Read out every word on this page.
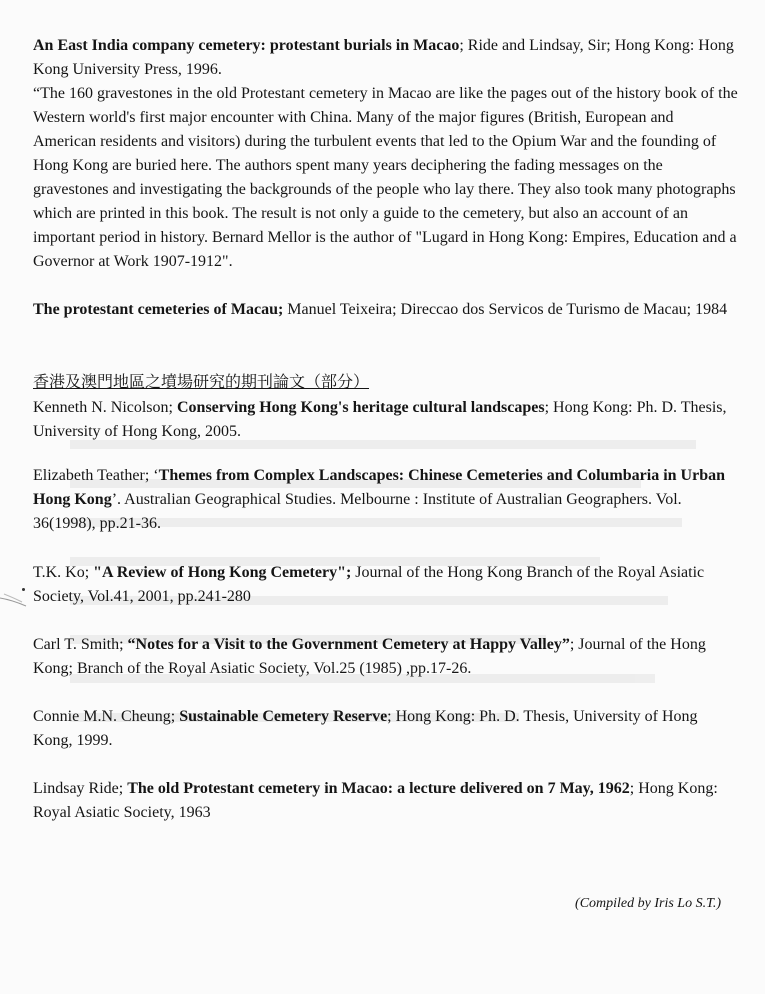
An East India company cemetery: protestant burials in Macao; Ride and Lindsay, Sir; Hong Kong: Hong Kong University Press, 1996.
“The 160 gravestones in the old Protestant cemetery in Macao are like the pages out of the history book of the Western world's first major encounter with China. Many of the major figures (British, European and American residents and visitors) during the turbulent events that led to the Opium War and the founding of Hong Kong are buried here. The authors spent many years deciphering the fading messages on the gravestones and investigating the backgrounds of the people who lay there. They also took many photographs which are printed in this book. The result is not only a guide to the cemetery, but also an account of an important period in history. Bernard Mellor is the author of "Lugard in Hong Kong: Empires, Education and a Governor at Work 1907-1912".
The protestant cemeteries of Macau; Manuel Teixeira; Direccao dos Servicos de Turismo de Macau; 1984
香港及澳門地區之墳場研究的期刊論文（部分）
Kenneth N. Nicolson; Conserving Hong Kong's heritage cultural landscapes; Hong Kong: Ph. D. Thesis, University of Hong Kong, 2005.
Elizabeth Teather; ‘Themes from Complex Landscapes: Chinese Cemeteries and Columbaria in Urban Hong Kong’. Australian Geographical Studies. Melbourne : Institute of Australian Geographers. Vol. 36(1998), pp.21-36.
T.K. Ko; "A Review of Hong Kong Cemetery"; Journal of the Hong Kong Branch of the Royal Asiatic Society, Vol.41, 2001, pp.241-280
Carl T. Smith; “Notes for a Visit to the Government Cemetery at Happy Valley”; Journal of the Hong Kong; Branch of the Royal Asiatic Society, Vol.25 (1985) ,pp.17-26.
Connie M.N. Cheung; Sustainable Cemetery Reserve; Hong Kong: Ph. D. Thesis, University of Hong Kong, 1999.
Lindsay Ride; The old Protestant cemetery in Macao: a lecture delivered on 7 May, 1962; Hong Kong: Royal Asiatic Society, 1963
(Compiled by Iris Lo S.T.)
